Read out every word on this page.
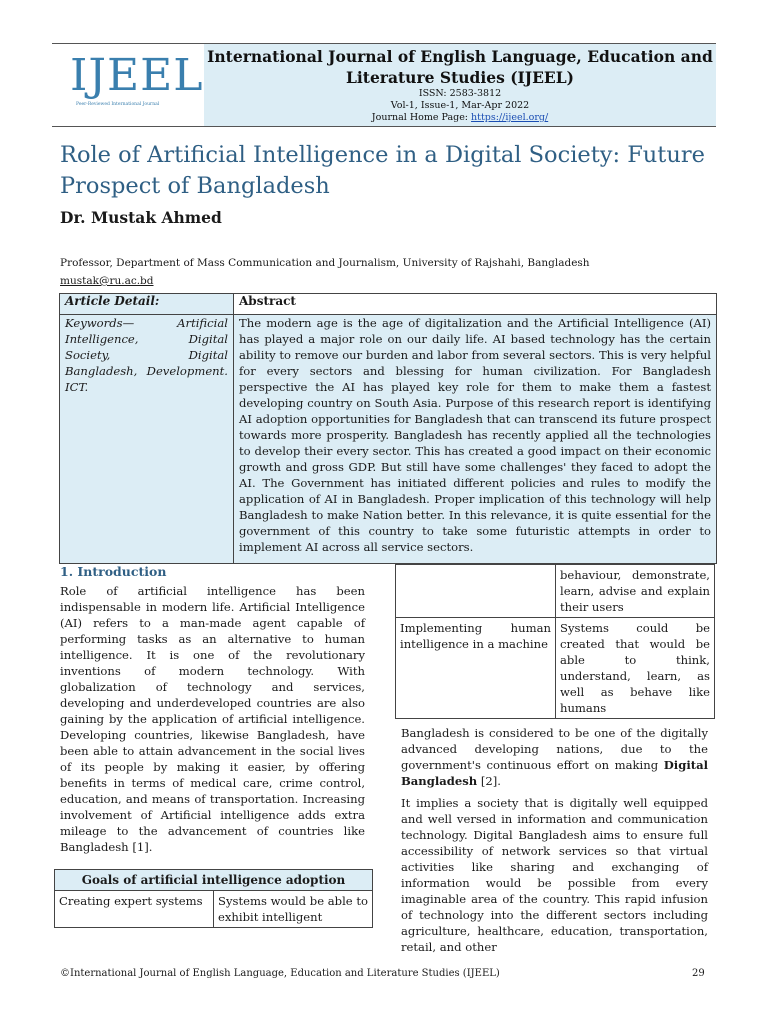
IJEEL
Peer-Reviewed International Journal
International Journal of English Language, Education and Literature Studies (IJEEL)
ISSN: 2583-3812
Vol-1, Issue-1, Mar-Apr 2022
Journal Home Page: https://ijeel.org/
Role of Artificial Intelligence in a Digital Society: Future Prospect of Bangladesh
Dr. Mustak Ahmed
Professor, Department of Mass Communication and Journalism, University of Rajshahi, Bangladesh
mustak@ru.ac.bd
Article Detail:	Abstract

Keywords— Artificial Intelligence, Digital Society, Digital Bangladesh, Development. ICT.	The modern age is the age of digitalization and the Artificial Intelligence (AI) has played a major role on our daily life. AI based technology has the certain ability to remove our burden and labor from several sectors. This is very helpful for every sectors and blessing for human civilization. For Bangladesh perspective the AI has played key role for them to make them a fastest developing country on South Asia. Purpose of this research report is identifying AI adoption opportunities for Bangladesh that can transcend its future prospect towards more prosperity. Bangladesh has recently applied all the technologies to develop their every sector. This has created a good impact on their economic growth and gross GDP. But still have some challenges' they faced to adopt the AI. The Government has initiated different policies and rules to modify the application of AI in Bangladesh. Proper implication of this technology will help Bangladesh to make Nation better. In this relevance, it is quite essential for the government of this country to take some futuristic attempts in order to implement AI across all service sectors.
1. Introduction

Role of artificial intelligence has been indispensable in modern life. Artificial Intelligence (AI) refers to a man-made agent capable of performing tasks as an alternative to human intelligence. It is one of the revolutionary inventions of modern technology. With globalization of technology and services, developing and underdeveloped countries are also gaining by the application of artificial intelligence. Developing countries, likewise Bangladesh, have been able to attain advancement in the social lives of its people by making it easier, by offering benefits in terms of medical care, crime control, education, and means of transportation. Increasing involvement of Artificial intelligence adds extra mileage to the advancement of countries like Bangladesh [1].

Goals of artificial intelligence adoption
Creating expert systems	Systems would be able to exhibit intelligent
	behaviour, demonstrate, learn, advise and explain their users
Implementing human intelligence in a machine	Systems could be created that would be able to think, understand, learn, as well as behave like humans

Bangladesh is considered to be one of the digitally advanced developing nations, due to the government's continuous effort on making Digital Bangladesh [2].

It implies a society that is digitally well equipped and well versed in information and communication technology. Digital Bangladesh aims to ensure full accessibility of network services so that virtual activities like sharing and exchanging of information would be possible from every imaginable area of the country. This rapid infusion of technology into the different sectors including agriculture, healthcare, education, transportation, retail, and other

©International Journal of English Language, Education and Literature Studies (IJEEL)	29
